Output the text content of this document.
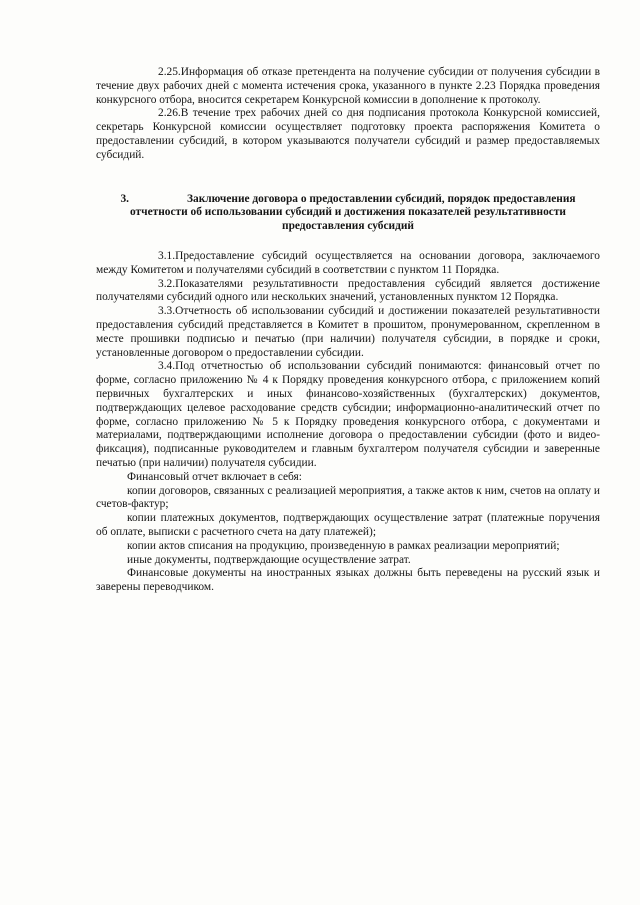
2.25.Информация об отказе претендента на получение субсидии от получения субсидии в течение двух рабочих дней с момента истечения срока, указанного в пункте 2.23 Порядка проведения конкурсного отбора, вносится секретарем Конкурсной комиссии в дополнение к протоколу.

2.26.В течение трех рабочих дней со дня подписания протокола Конкурсной комиссией, секретарь Конкурсной комиссии осуществляет подготовку проекта распоряжения Комитета о предоставлении субсидий, в котором указываются получатели субсидий и размер предоставляемых субсидий.

3.	Заключение договора о предоставлении субсидий, порядок предоставления отчетности об использовании субсидий и достижения показателей результативности предоставления субсидий

3.1.Предоставление субсидий осуществляется на основании договора, заключаемого между Комитетом и получателями субсидий в соответствии с пунктом 11 Порядка.

3.2.Показателями результативности предоставления субсидий является достижение получателями субсидий одного или нескольких значений, установленных пунктом 12 Порядка.

3.3.Отчетность об использовании субсидий и достижении показателей результативности предоставления субсидий представляется в Комитет в прошитом, пронумерованном, скрепленном в месте прошивки подписью и печатью (при наличии) получателя субсидии, в порядке и сроки, установленные договором о предоставлении субсидии.

3.4.Под отчетностью об использовании субсидий понимаются: финансовый отчет по форме, согласно приложению № 4 к Порядку проведения конкурсного отбора, с приложением копий первичных бухгалтерских и иных финансово-хозяйственных (бухгалтерских) документов, подтверждающих целевое расходование средств субсидии; информационно-аналитический отчет по форме, согласно приложению № 5 к Порядку проведения конкурсного отбора, с документами и материалами, подтверждающими исполнение договора о предоставлении субсидии (фото и видео-фиксация), подписанные руководителем и главным бухгалтером получателя субсидии и заверенные печатью (при наличии) получателя субсидии.

Финансовый отчет включает в себя:

копии договоров, связанных с реализацией мероприятия, а также актов к ним, счетов на оплату и счетов-фактур;

копии платежных документов, подтверждающих осуществление затрат (платежные поручения об оплате, выписки с расчетного счета на дату платежей);

копии актов списания на продукцию, произведенную в рамках реализации мероприятий;

иные документы, подтверждающие осуществление затрат.

Финансовые документы на иностранных языках должны быть переведены на русский язык и заверены переводчиком.
